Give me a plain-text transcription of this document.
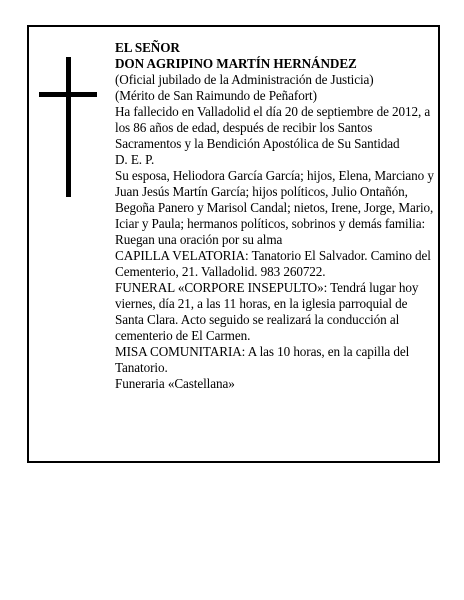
EL SEÑOR

DON AGRIPINO MARTÍN HERNÁNDEZ

(Oficial jubilado de la Administración de Justicia)

(Mérito de San Raimundo de Peñafort)

Ha fallecido en Valladolid el día 20 de septiembre de 2012, a los 86 años de edad, después de recibir los Santos Sacramentos y la Bendición Apostólica de Su Santidad

D. E. P.

Su esposa, Heliodora García García; hijos, Elena, Marciano y Juan Jesús Martín García; hijos políticos, Julio Ontañón, Begoña Panero y Marisol Candal; nietos, Irene, Jorge, Mario, Iciar y Paula; hermanos políticos, sobrinos y demás familia:

Ruegan una oración por su alma

CAPILLA VELATORIA: Tanatorio El Salvador. Camino del Cementerio, 21. Valladolid. 983 260722.

FUNERAL «CORPORE INSEPULTO»: Tendrá lugar hoy viernes, día 21, a las 11 horas, en la iglesia parroquial de Santa Clara. Acto seguido se realizará la conducción al cementerio de El Carmen.

MISA COMUNITARIA: A las 10 horas, en la capilla del Tanatorio.

Funeraria «Castellana»
